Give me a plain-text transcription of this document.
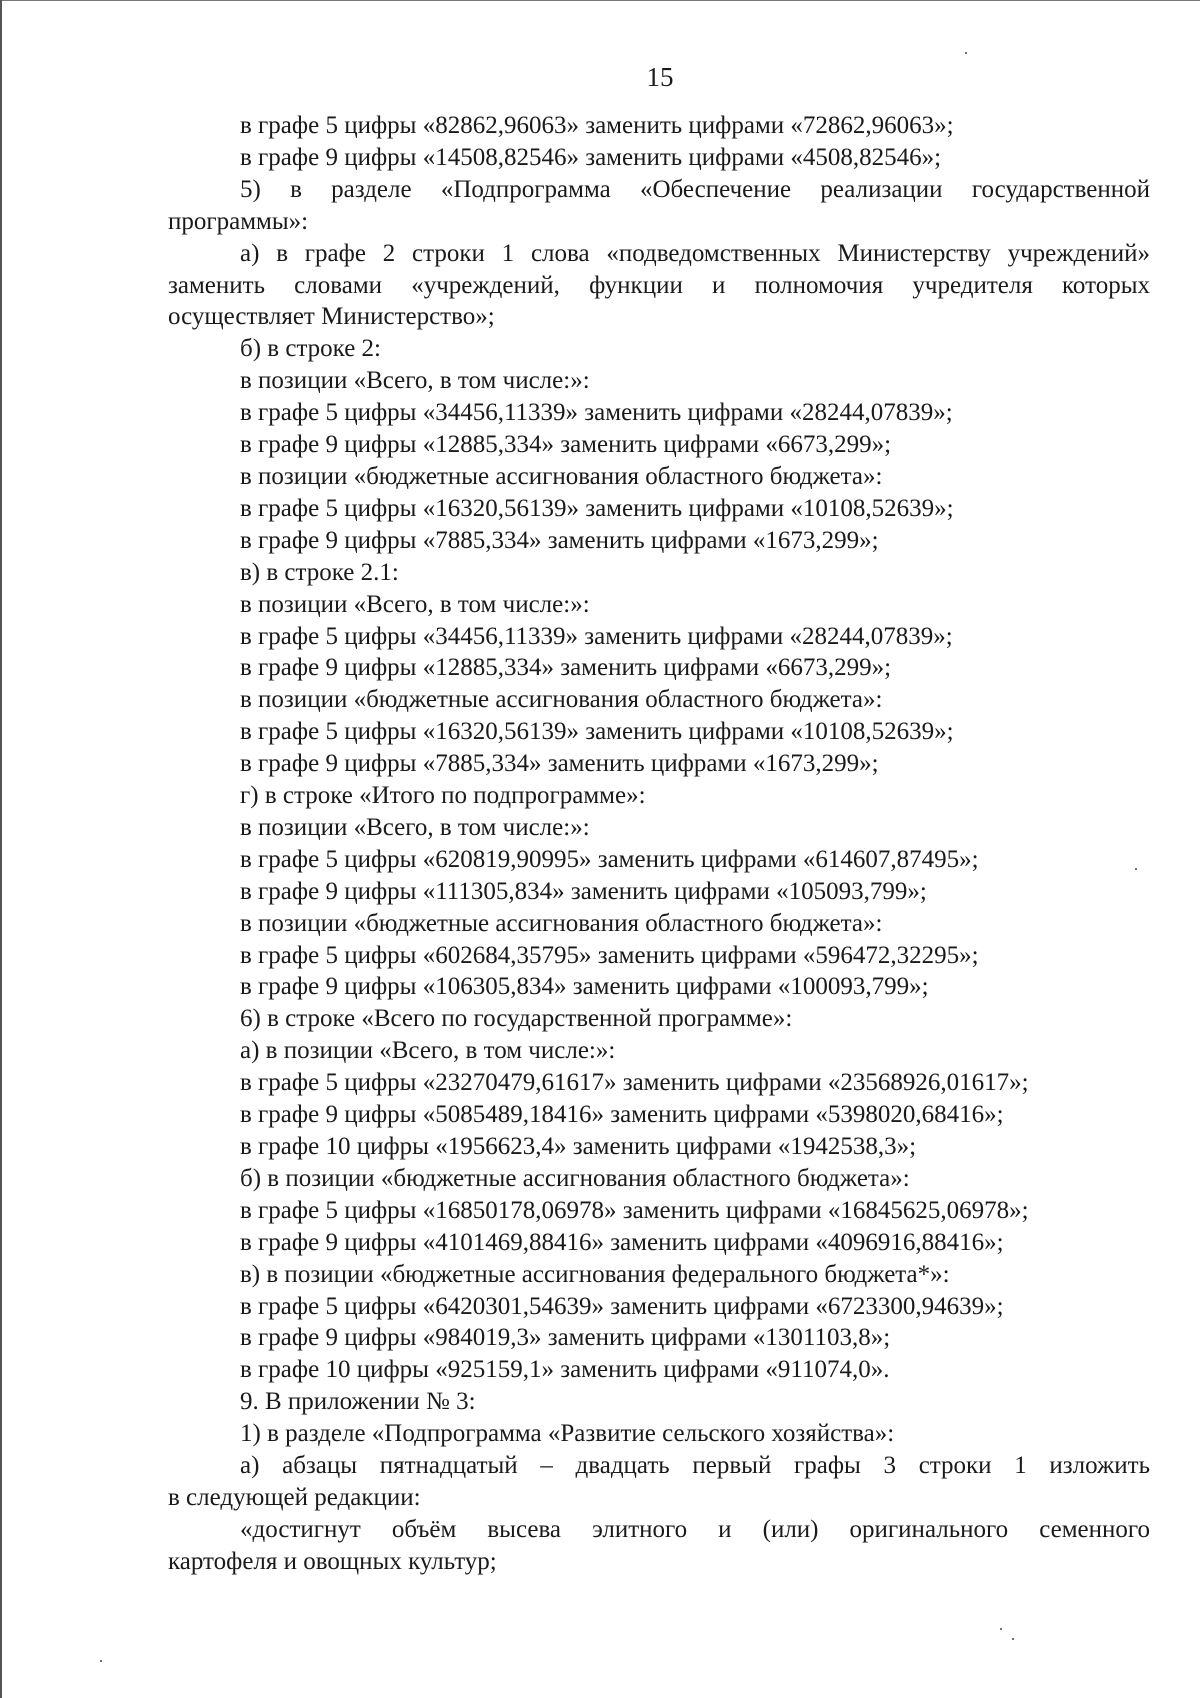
15
в графе 5 цифры «82862,96063» заменить цифрами «72862,96063»;
в графе 9 цифры «14508,82546» заменить цифрами «4508,82546»;
5) в разделе «Подпрограмма «Обеспечение реализации государственной
программы»:
а) в графе 2 строки 1 слова «подведомственных Министерству учреждений»
заменить словами «учреждений, функции и полномочия учредителя которых
осуществляет Министерство»;
б) в строке 2:
в позиции «Всего, в том числе:»:
в графе 5 цифры «34456,11339» заменить цифрами «28244,07839»;
в графе 9 цифры «12885,334» заменить цифрами «6673,299»;
в позиции «бюджетные ассигнования областного бюджета»:
в графе 5 цифры «16320,56139» заменить цифрами «10108,52639»;
в графе 9 цифры «7885,334» заменить цифрами «1673,299»;
в) в строке 2.1:
в позиции «Всего, в том числе:»:
в графе 5 цифры «34456,11339» заменить цифрами «28244,07839»;
в графе 9 цифры «12885,334» заменить цифрами «6673,299»;
в позиции «бюджетные ассигнования областного бюджета»:
в графе 5 цифры «16320,56139» заменить цифрами «10108,52639»;
в графе 9 цифры «7885,334» заменить цифрами «1673,299»;
г) в строке «Итого по подпрограмме»:
в позиции «Всего, в том числе:»:
в графе 5 цифры «620819,90995» заменить цифрами «614607,87495»;
в графе 9 цифры «111305,834» заменить цифрами «105093,799»;
в позиции «бюджетные ассигнования областного бюджета»:
в графе 5 цифры «602684,35795» заменить цифрами «596472,32295»;
в графе 9 цифры «106305,834» заменить цифрами «100093,799»;
6) в строке «Всего по государственной программе»:
а) в позиции «Всего, в том числе:»:
в графе 5 цифры «23270479,61617» заменить цифрами «23568926,01617»;
в графе 9 цифры «5085489,18416» заменить цифрами «5398020,68416»;
в графе 10 цифры «1956623,4» заменить цифрами «1942538,3»;
б) в позиции «бюджетные ассигнования областного бюджета»:
в графе 5 цифры «16850178,06978» заменить цифрами «16845625,06978»;
в графе 9 цифры «4101469,88416» заменить цифрами «4096916,88416»;
в) в позиции «бюджетные ассигнования федерального бюджета*»:
в графе 5 цифры «6420301,54639» заменить цифрами «6723300,94639»;
в графе 9 цифры «984019,3» заменить цифрами «1301103,8»;
в графе 10 цифры «925159,1» заменить цифрами «911074,0».
9. В приложении № 3:
1) в разделе «Подпрограмма «Развитие сельского хозяйства»:
а) абзацы пятнадцатый – двадцать первый графы 3 строки 1 изложить
в следующей редакции:
«достигнут объём высева элитного и (или) оригинального семенного
картофеля и овощных культур;
